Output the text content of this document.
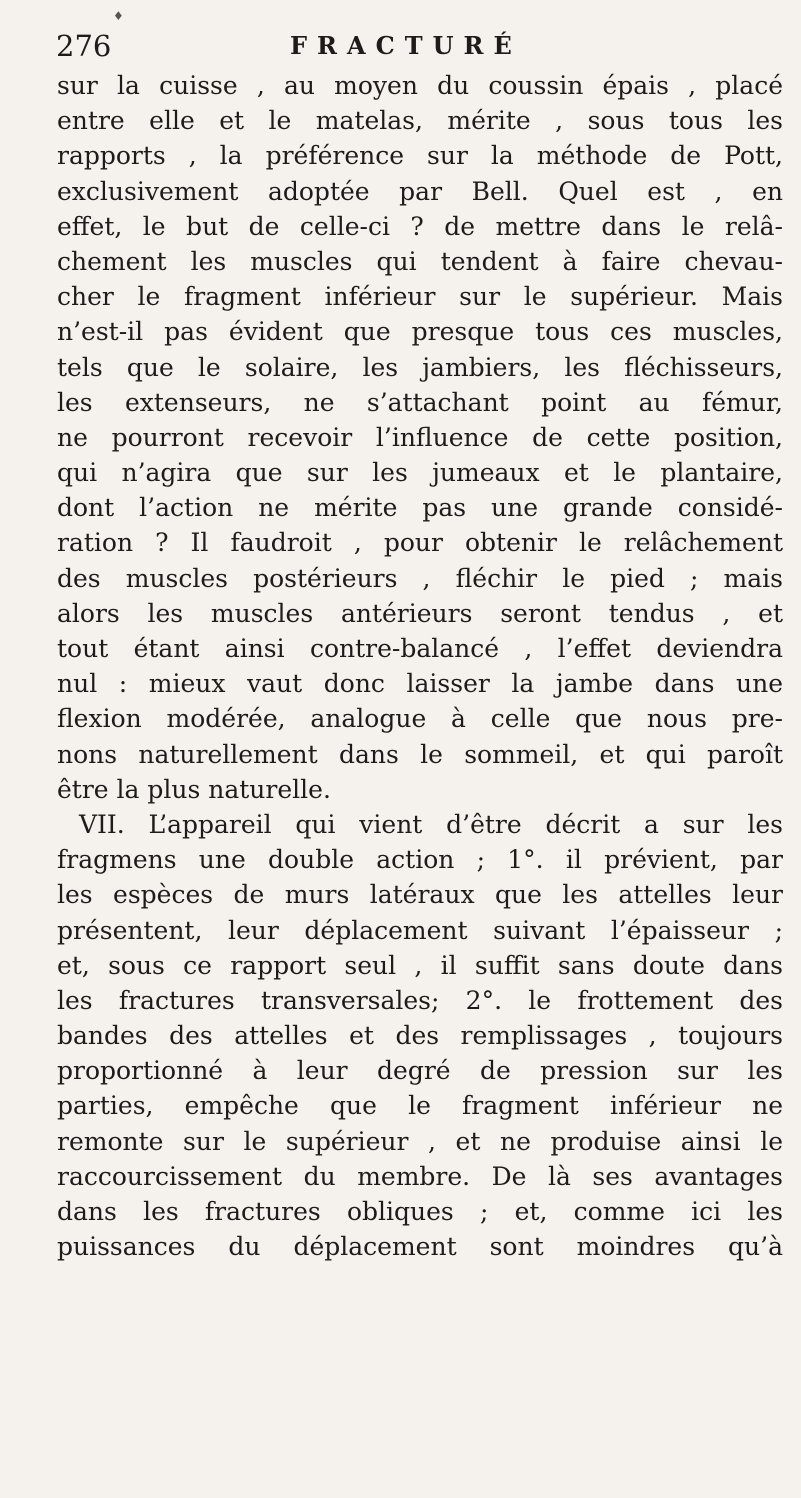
♦
276	FRACTURÉ
sur la cuisse , au moyen du coussin épais , placé
entre elle et le matelas, mérite , sous tous les
rapports , la préférence sur la méthode de Pott,
exclusivement adoptée par Bell. Quel est , en
effet, le but de celle-ci ? de mettre dans le relâ-
chement les muscles qui tendent à faire chevau-
cher le fragment inférieur sur le supérieur. Mais
n’est-il pas évident que presque tous ces muscles,
tels que le solaire, les jambiers, les fléchisseurs,
les extenseurs, ne s’attachant point au fémur,
ne pourront recevoir l’influence de cette position,
qui n’agira que sur les jumeaux et le plantaire,
dont l’action ne mérite pas une grande considé-
ration ? Il faudroit , pour obtenir le relâchement
des muscles postérieurs , fléchir le pied ; mais
alors les muscles antérieurs seront tendus , et
tout étant ainsi contre-balancé , l’effet deviendra
nul : mieux vaut donc laisser la jambe dans une
flexion modérée, analogue à celle que nous pre-
nons naturellement dans le sommeil, et qui paroît
être la plus naturelle.
VII. L’appareil qui vient d’être décrit a sur les
fragmens une double action ; 1°. il prévient, par
les espèces de murs latéraux que les attelles leur
présentent, leur déplacement suivant l’épaisseur ;
et, sous ce rapport seul , il suffit sans doute dans
les fractures transversales; 2°. le frottement des
bandes des attelles et des remplissages , toujours
proportionné à leur degré de pression sur les
parties, empêche que le fragment inférieur ne
remonte sur le supérieur , et ne produise ainsi le
raccourcissement du membre. De là ses avantages
dans les fractures obliques ; et, comme ici les
puissances du déplacement sont moindres qu’à
